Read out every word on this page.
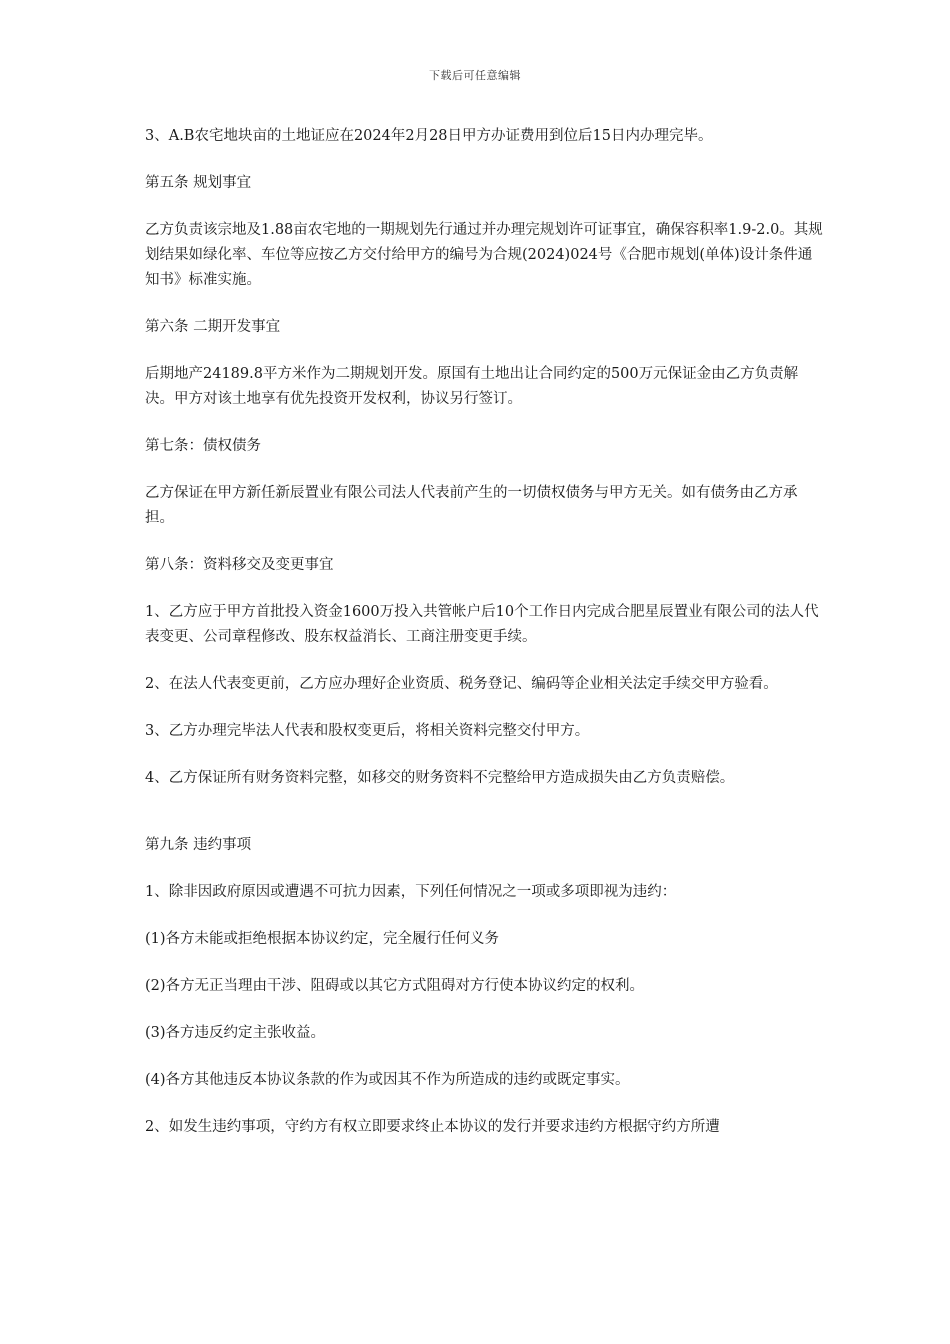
下载后可任意编辑

3、A.B农宅地块亩的土地证应在2024年2月28日甲方办证费用到位后15日内办理完毕。

第五条 规划事宜

乙方负责该宗地及1.88亩农宅地的一期规划先行通过并办理完规划许可证事宜，确保容积率1.9-2.0。其规划结果如绿化率、车位等应按乙方交付给甲方的编号为合规(2024)024号《合肥市规划(单体)设计条件通知书》标准实施。

第六条 二期开发事宜

后期地产24189.8平方米作为二期规划开发。原国有土地出让合同约定的500万元保证金由乙方负责解决。甲方对该土地享有优先投资开发权利，协议另行签订。

第七条：债权债务

乙方保证在甲方新任新辰置业有限公司法人代表前产生的一切债权债务与甲方无关。如有债务由乙方承担。

第八条：资料移交及变更事宜

1、乙方应于甲方首批投入资金1600万投入共管帐户后10个工作日内完成合肥星辰置业有限公司的法人代表变更、公司章程修改、股东权益消长、工商注册变更手续。

2、在法人代表变更前，乙方应办理好企业资质、税务登记、编码等企业相关法定手续交甲方验看。

3、乙方办理完毕法人代表和股权变更后，将相关资料完整交付甲方。

4、乙方保证所有财务资料完整，如移交的财务资料不完整给甲方造成损失由乙方负责赔偿。

第九条 违约事项

1、除非因政府原因或遭遇不可抗力因素，下列任何情况之一项或多项即视为违约：

(1)各方未能或拒绝根据本协议约定，完全履行任何义务

(2)各方无正当理由干涉、阻碍或以其它方式阻碍对方行使本协议约定的权利。

(3)各方违反约定主张收益。

(4)各方其他违反本协议条款的作为或因其不作为所造成的违约或既定事实。

2、如发生违约事项，守约方有权立即要求终止本协议的发行并要求违约方根据守约方所遭
